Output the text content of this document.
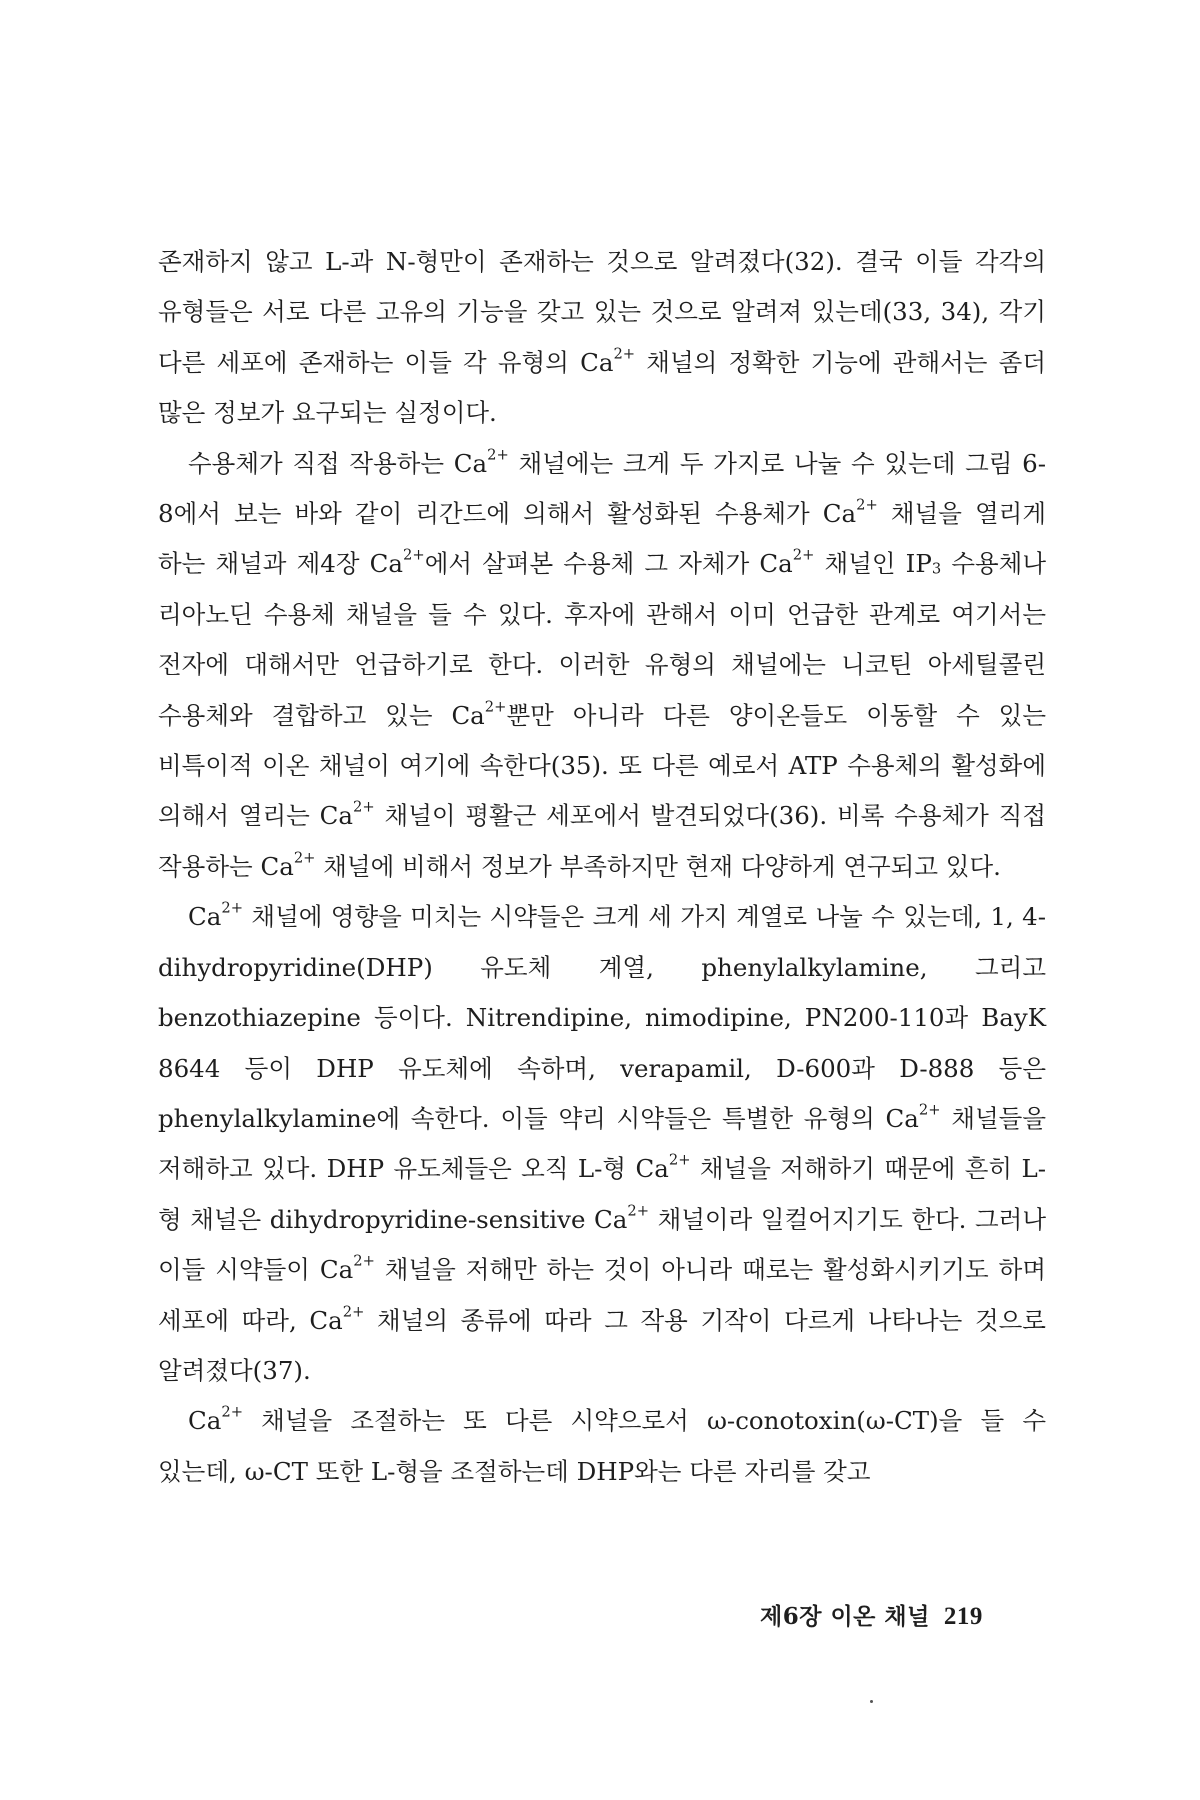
존재하지 않고 L-과 N-형만이 존재하는 것으로 알려졌다(32). 결국 이들 각각의 유형들은 서로 다른 고유의 기능을 갖고 있는 것으로 알려져 있는데(33, 34), 각기 다른 세포에 존재하는 이들 각 유형의 $Ca^{2+}$ 채널의 정확한 기능에 관해서는 좀더 많은 정보가 요구되는 실정이다.

수용체가 직접 작용하는 $Ca^{2+}$ 채널에는 크게 두 가지로 나눌 수 있는데 그림 6-8에서 보는 바와 같이 리간드에 의해서 활성화된 수용체가 $Ca^{2+}$ 채널을 열리게 하는 채널과 제4장 $Ca^{2+}$에서 살펴본 수용체 그 자체가 $Ca^{2+}$ 채널인 $IP_3$ 수용체나 리아노딘 수용체 채널을 들 수 있다. 후자에 관해서 이미 언급한 관계로 여기서는 전자에 대해서만 언급하기로 한다. 이러한 유형의 채널에는 니코틴 아세틸콜린 수용체와 결합하고 있는 $Ca^{2+}$뿐만 아니라 다른 양이온들도 이동할 수 있는 비특이적 이온 채널이 여기에 속한다(35). 또 다른 예로서 ATP 수용체의 활성화에 의해서 열리는 $Ca^{2+}$ 채널이 평활근 세포에서 발견되었다(36). 비록 수용체가 직접 작용하는 $Ca^{2+}$ 채널에 비해서 정보가 부족하지만 현재 다양하게 연구되고 있다.

$Ca^{2+}$ 채널에 영향을 미치는 시약들은 크게 세 가지 계열로 나눌 수 있는데, 1, 4-dihydropyridine(DHP) 유도체 계열, phenylalkylamine, 그리고 benzothiazepine 등이다. Nitrendipine, nimodipine, PN200-110과 BayK 8644 등이 DHP 유도체에 속하며, verapamil, D-600과 D-888 등은 phenylalkylamine에 속한다. 이들 약리 시약들은 특별한 유형의 $Ca^{2+}$ 채널들을 저해하고 있다. DHP 유도체들은 오직 L-형 $Ca^{2+}$ 채널을 저해하기 때문에 흔히 L-형 채널은 dihydropyridine-sensitive $Ca^{2+}$ 채널이라 일컬어지기도 한다. 그러나 이들 시약들이 $Ca^{2+}$ 채널을 저해만 하는 것이 아니라 때로는 활성화시키기도 하며 세포에 따라, $Ca^{2+}$ 채널의 종류에 따라 그 작용 기작이 다르게 나타나는 것으로 알려졌다(37).

$Ca^{2+}$ 채널을 조절하는 또 다른 시약으로서 ω-conotoxin(ω-CT)을 들 수 있는데, ω-CT 또한 L-형을 조절하는데 DHP와는 다른 자리를 갖고

제6장 이온 채널 219
